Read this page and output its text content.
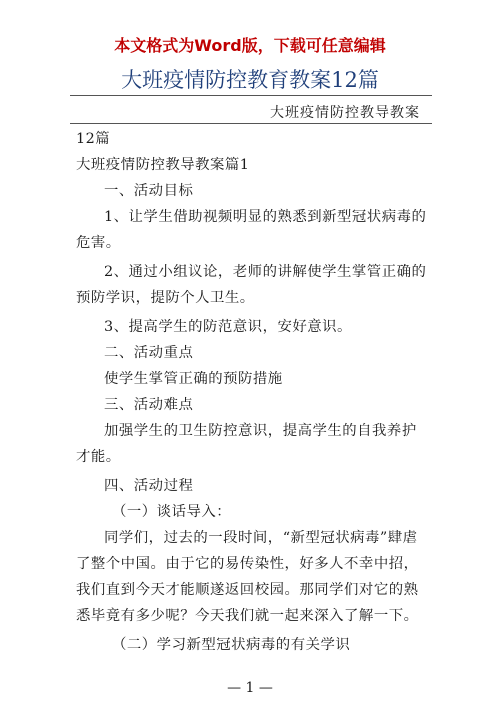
本文格式为Word版，下载可任意编辑
大班疫情防控教育教案12篇
大班疫情防控教导教案

12篇

大班疫情防控教导教案篇1

一、活动目标

1、让学生借助视频明显的熟悉到新型冠状病毒的危害。

2、通过小组议论，老师的讲解使学生掌管正确的预防学识，提防个人卫生。

3、提高学生的防范意识，安好意识。

二、活动重点

使学生掌管正确的预防措施

三、活动难点

加强学生的卫生防控意识，提高学生的自我养护才能。

四、活动过程

（一）谈话导入：

同学们，过去的一段时间，“新型冠状病毒”肆虐了整个中国。由于它的易传染性，好多人不幸中招，我们直到今天才能顺遂返回校园。那同学们对它的熟悉毕竟有多少呢？今天我们就一起来深入了解一下。

（二）学习新型冠状病毒的有关学识

— 1 —
